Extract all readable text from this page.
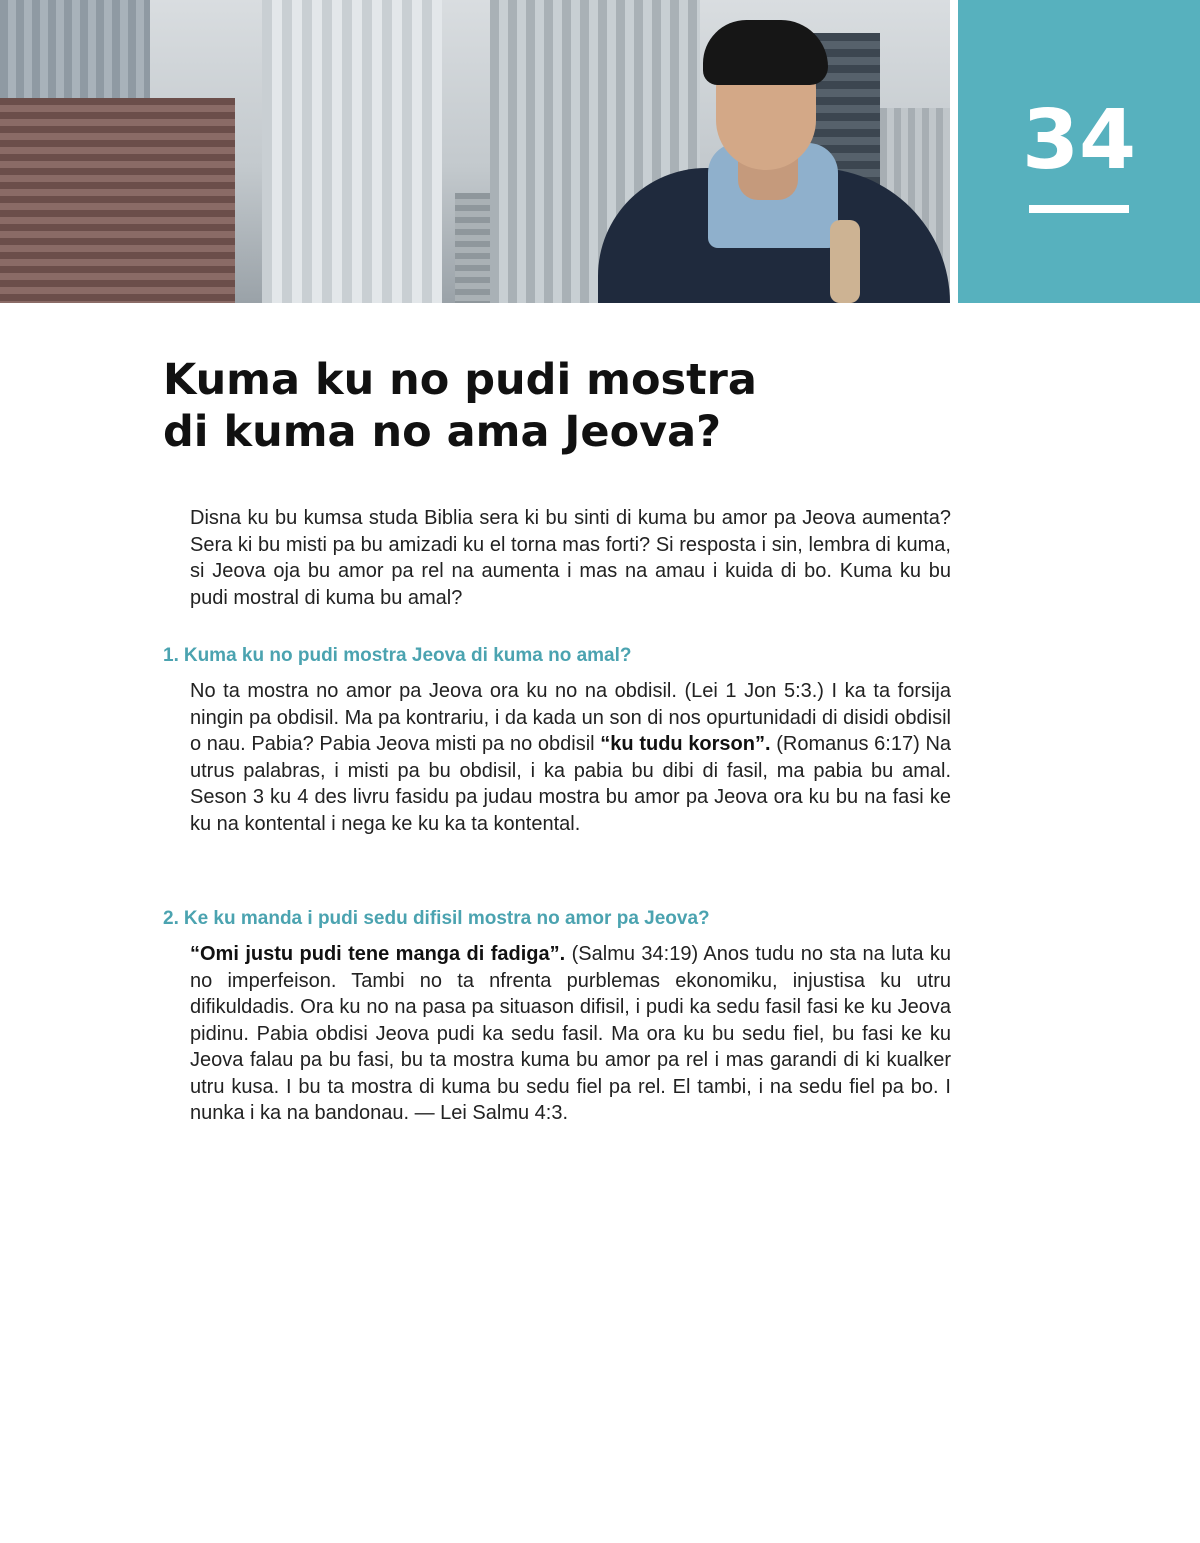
34
Kuma ku no pudi mostra
di kuma no ama Jeova?

Disna ku bu kumsa studa Biblia sera ki bu sinti di kuma bu amor pa Jeova aumenta? Sera ki bu misti pa bu amizadi ku el torna mas forti? Si resposta i sin, lembra di kuma, si Jeova oja bu amor pa rel na aumenta i mas na amau i kuida di bo. Kuma ku bu pudi mostral di kuma bu amal?

1. Kuma ku no pudi mostra Jeova di kuma no amal?

No ta mostra no amor pa Jeova ora ku no na obdisil. (Lei 1 Jon 5:3.) I ka ta forsija ningin pa obdisil. Ma pa kontrariu, i da kada un son di nos opurtunidadi di disidi obdisil o nau. Pabia? Pabia Jeova misti pa no obdisil “ku tudu korson”. (Romanus 6:17) Na utrus palabras, i misti pa bu obdisil, i ka pabia bu dibi di fasil, ma pabia bu amal. Seson 3 ku 4 des livru fasidu pa judau mostra bu amor pa Jeova ora ku bu na fasi ke ku na kontental i nega ke ku ka ta kontental.

2. Ke ku manda i pudi sedu difisil mostra no amor pa Jeova?

“Omi justu pudi tene manga di fadiga”. (Salmu 34:19) Anos tudu no sta na luta ku no imperfeison. Tambi no ta nfrenta purblemas ekonomiku, injustisa ku utru difikuldadis. Ora ku no na pasa pa situason difisil, i pudi ka sedu fasil fasi ke ku Jeova pidinu. Pabia obdisi Jeova pudi ka sedu fasil. Ma ora ku bu sedu fiel, bu fasi ke ku Jeova falau pa bu fasi, bu ta mostra kuma bu amor pa rel i mas garandi di ki kualker utru kusa. I bu ta mostra di kuma bu sedu fiel pa rel. El tambi, i na sedu fiel pa bo. I nunka i ka na bandonau. — Lei Salmu 4:3.
